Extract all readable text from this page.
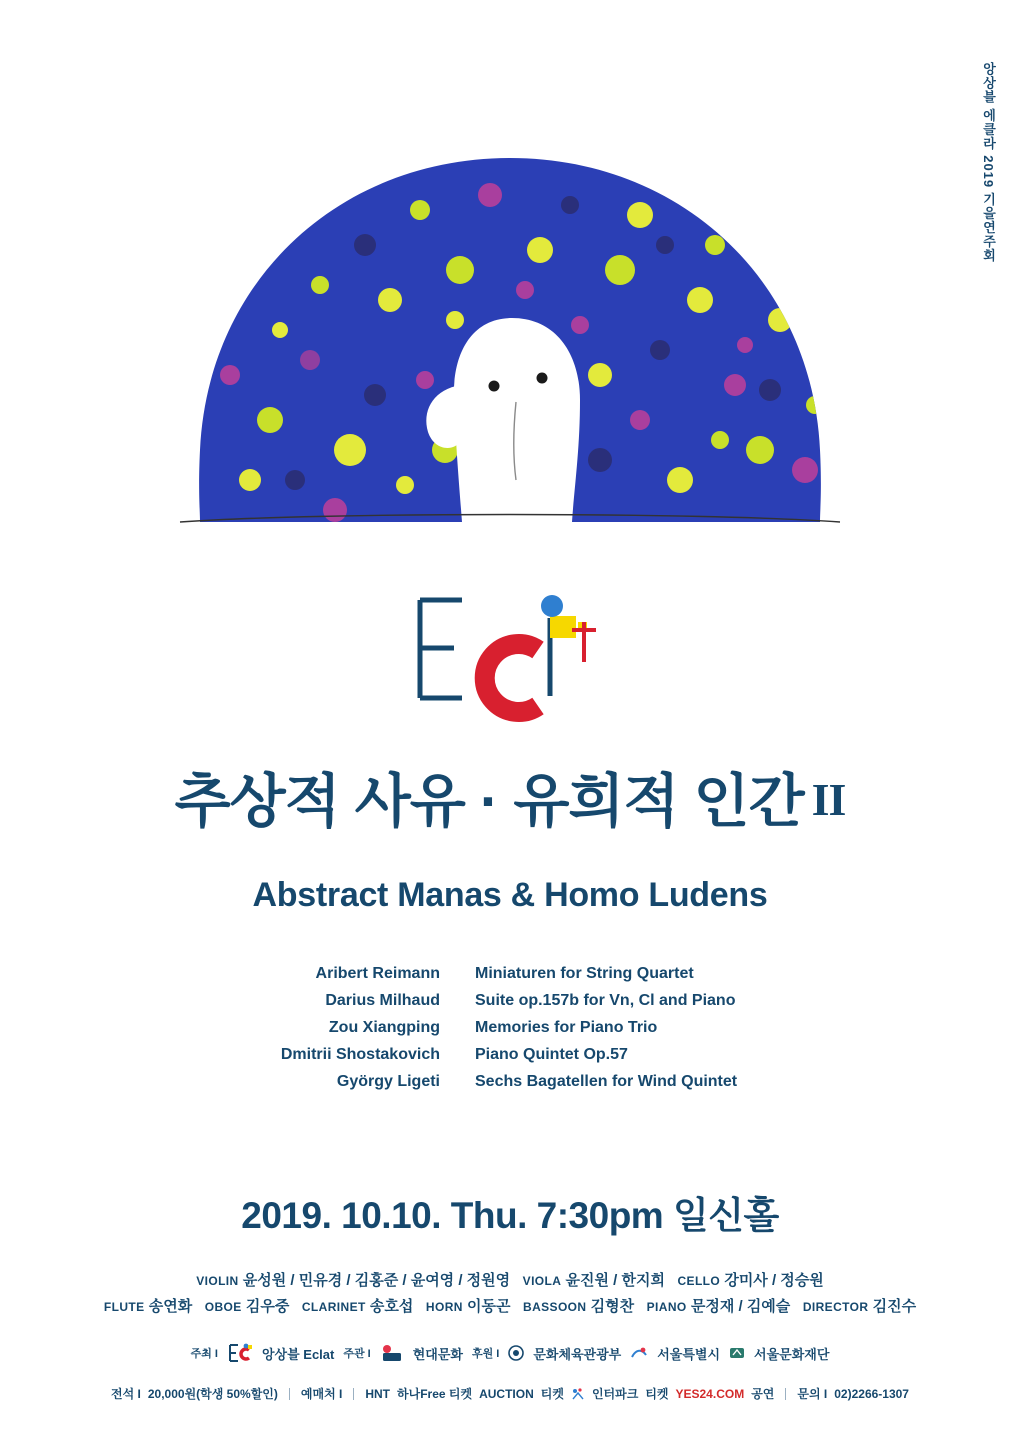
앙상블 에클라 2019 기을연주회
추상적 사유 · 유희적 인간 II
Abstract Manas & Homo Ludens
Aribert Reimann	Miniaturen for String Quartet
Darius Milhaud	Suite op.157b for Vn, Cl and Piano
Zou Xiangping	Memories for Piano Trio
Dmitrii Shostakovich	Piano Quintet Op.57
György Ligeti	Sechs Bagatellen for Wind Quintet
2019. 10.10. Thu. 7:30pm 일신홀
VIOLIN 윤성원 / 민유경 / 김홍준 / 윤여영 / 정원영 VIOLA 윤진원 / 한지희 CELLO 강미사 / 정승원
FLUTE 송연화 OBOE 김우중 CLARINET 송호섭 HORN 이동곤 BASSOON 김형찬 PIANO 문정재 / 김예슬 DIRECTOR 김진수
주최 I	앙상블 Eclat 주관 I	현대문화 후원 I	문화체육관광부	서울특별시	서울문화재단
전석 I 20,000원(학생 50%할인) 예매처 I HNT 하나Free 티켓 AUCTION 티켓 인터파크 티켓 YES24.COM 공연 문의 I 02)2266-1307
